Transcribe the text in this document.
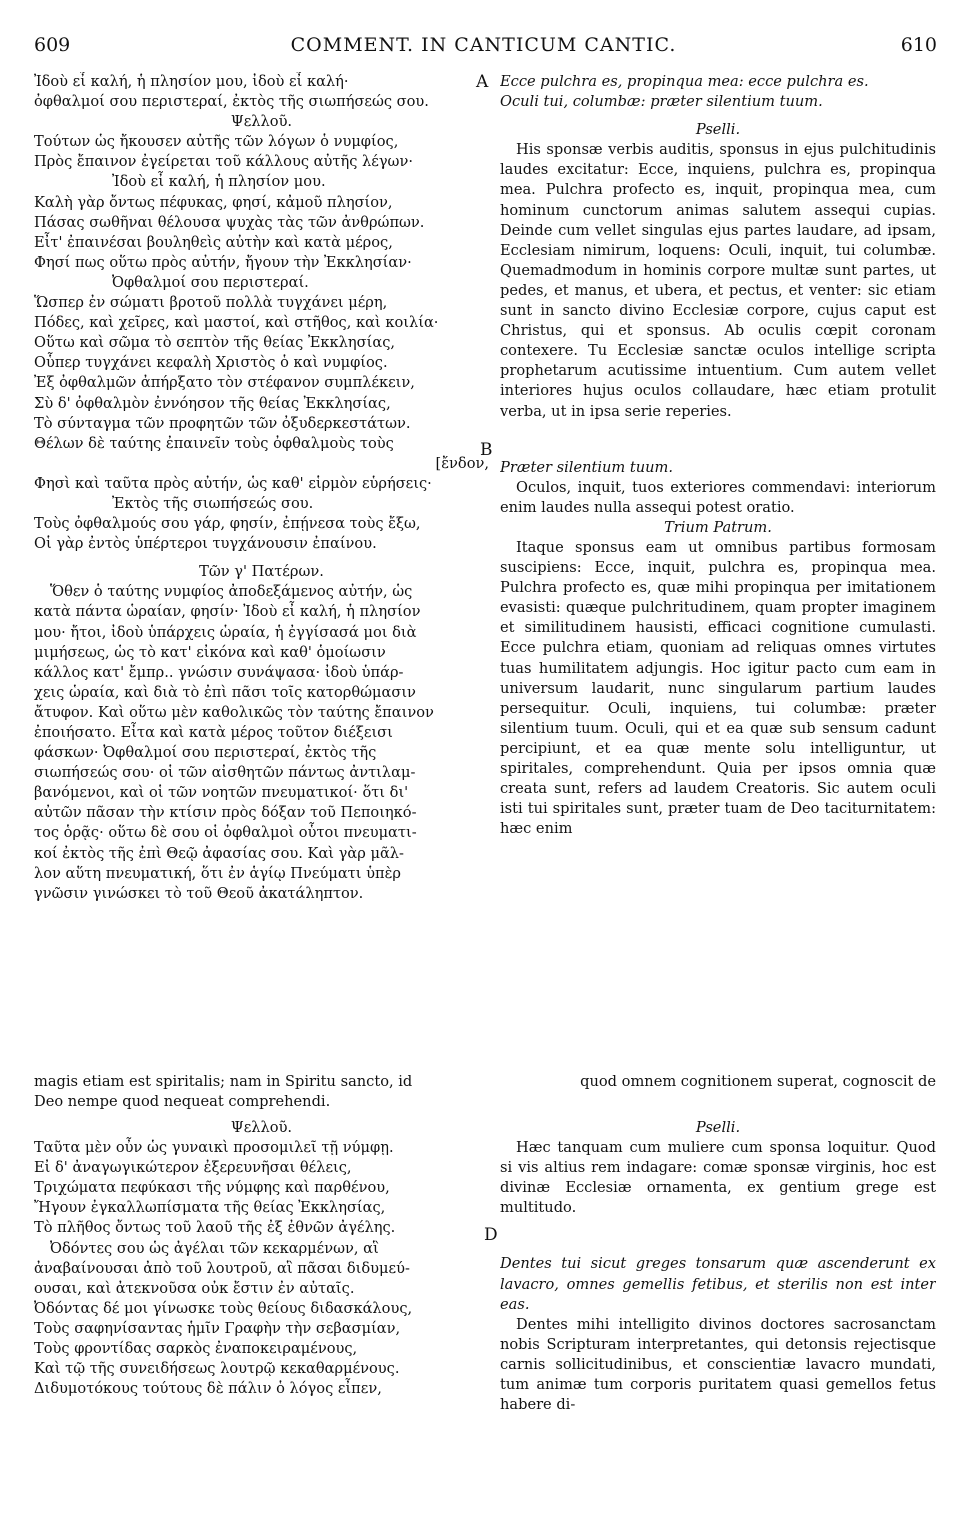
609	COMMENT. IN CANTICUM CANTIC.	610
A
B
D

Ἰδοὺ εἶ καλή, ἡ πλησίον μου, ἰδοὺ εἶ καλή·

ὀφθαλμοί σου περιστεραί, ἐκτὸς τῆς σιωπήσεώς σου.

Ψελλοῦ.

Τούτων ὡς ἤκουσεν αὐτῆς τῶν λόγων ὁ νυμφίος,

Πρὸς ἔπαινον ἐγείρεται τοῦ κάλλους αὐτῆς λέγων·

Ἰδοὺ εἶ καλή, ἡ πλησίον μου.

Καλὴ γὰρ ὄντως πέφυκας, φησί, κἀμοῦ πλησίον,

Πάσας σωθῆναι θέλουσα ψυχὰς τὰς τῶν ἀνθρώπων.

Εἶτ' ἐπαινέσαι βουληθεὶς αὐτὴν καὶ κατὰ μέρος,

Φησί πως οὕτω πρὸς αὐτήν, ἤγουν τὴν Ἐκκλησίαν·

Ὀφθαλμοί σου περιστεραί.

Ὥσπερ ἐν σώματι βροτοῦ πολλὰ τυγχάνει μέρη,

Πόδες, καὶ χεῖρες, καὶ μαστοί, καὶ στῆθος, καὶ κοιλία·

Οὕτω καὶ σῶμα τὸ σεπτὸν τῆς θείας Ἐκκλησίας,

Οὗπερ τυγχάνει κεφαλὴ Χριστὸς ὁ καὶ νυμφίος.

Ἐξ ὀφθαλμῶν ἀπήρξατο τὸν στέφανον συμπλέκειν,

Σὺ δ' ὀφθαλμὸν ἐννόησον τῆς θείας Ἐκκλησίας,

Τὸ σύνταγμα τῶν προφητῶν τῶν ὀξυδερκεστάτων.

Θέλων δὲ ταύτης ἐπαινεῖν τοὺς ὀφθαλμοὺς τοὺς

[ἔνδον,

Φησὶ καὶ ταῦτα πρὸς αὐτήν, ὡς καθ' εἱρμὸν εὑρήσεις·

Ἐκτὸς τῆς σιωπήσεώς σου.

Τοὺς ὀφθαλμούς σου γάρ, φησίν, ἐπῄνεσα τοὺς ἔξω,

Οἱ γὰρ ἐντὸς ὑπέρτεροι τυγχάνουσιν ἐπαίνου.

Τῶν γ' Πατέρων.

Ὅθεν ὁ ταύτης νυμφίος ἀποδεξάμενος αὐτήν, ὡς

κατὰ πάντα ὡραίαν, φησίν· Ἰδοὺ εἶ καλή, ἡ πλησίον

μου· ἤτοι, ἰδοὺ ὑπάρχεις ὡραία, ἡ ἐγγίσασά μοι διὰ

μιμήσεως, ὡς τὸ κατ' εἰκόνα καὶ καθ' ὁμοίωσιν

κάλλος κατ' ἔμπρ.. γνώσιν συνάψασα· ἰδοὺ ὑπάρ-

χεις ὡραία, καὶ διὰ τὸ ἐπὶ πᾶσι τοῖς κατορθώμασιν

ἄτυφον. Καὶ οὕτω μὲν καθολικῶς τὸν ταύτης ἔπαινον

ἐποιήσατο. Εἶτα καὶ κατὰ μέρος τοῦτον διέξεισι

φάσκων· Ὀφθαλμοί σου περιστεραί, ἐκτὸς τῆς

σιωπήσεώς σου· οἱ τῶν αἰσθητῶν πάντως ἀντιλαμ-

βανόμενοι, καὶ οἱ τῶν νοητῶν πνευματικοί· ὅτι δι'

αὐτῶν πᾶσαν τὴν κτίσιν πρὸς δόξαν τοῦ Πεποιηκό-

τος ὁρᾷς· οὕτω δὲ σου οἱ ὀφθαλμοὶ οὗτοι πνευματι-

κοί ἐκτὸς τῆς ἐπὶ Θεῷ ἀφασίας σου. Καὶ γὰρ μᾶλ-

λον αὕτη πνευματική, ὅτι ἐν ἁγίῳ Πνεύματι ὑπὲρ

γνῶσιν γινώσκει τὸ τοῦ Θεοῦ ἀκατάληπτον.

Ecce pulchra es, propinqua mea: ecce pulchra es.

Oculi tui, columbæ: præter silentium tuum.

Pselli.

His sponsæ verbis auditis, sponsus in ejus pulchitudinis laudes excitatur: Ecce, inquiens, pulchra es, propinqua mea. Pulchra profecto es, inquit, propinqua mea, cum hominum cunctorum animas salutem assequi cupias. Deinde cum vellet singulas ejus partes laudare, ad ipsam, Ecclesiam nimirum, loquens: Oculi, inquit, tui columbæ. Quemadmodum in hominis corpore multæ sunt partes, ut pedes, et manus, et ubera, et pectus, et venter: sic etiam sunt in sancto divino Ecclesiæ corpore, cujus caput est Christus, qui et sponsus. Ab oculis cœpit coronam contexere. Tu Ecclesiæ sanctæ oculos intellige scripta prophetarum acutissime intuentium. Cum autem vellet interiores hujus oculos collaudare, hæc etiam protulit verba, ut in ipsa serie reperies.

Præter silentium tuum.

Oculos, inquit, tuos exteriores commendavi: interiorum enim laudes nulla assequi potest oratio.

Trium Patrum.

Itaque sponsus eam ut omnibus partibus formosam suscipiens: Ecce, inquit, pulchra es, propinqua mea. Pulchra profecto es, quæ mihi propinqua per imitationem evasisti: quæque pulchritudinem, quam propter imaginem et similitudinem hausisti, efficaci cognitione cumulasti. Ecce pulchra etiam, quoniam ad reliquas omnes virtutes tuas humilitatem adjungis. Hoc igitur pacto cum eam in universum laudarit, nunc singularum partium laudes persequitur. Oculi, inquiens, tui columbæ: præter silentium tuum. Oculi, qui et ea quæ sub sensum cadunt percipiunt, et ea quæ mente solu intelliguntur, ut spiritales, comprehendunt. Quia per ipsos omnia quæ creata sunt, refers ad laudem Creatoris. Sic autem oculi isti tui spiritales sunt, præter tuam de Deo taciturnitatem: hæc enim

magis etiam est spiritalis; nam in Spiritu sancto, id	quod omnem cognitionem superat, cognoscit de

Deo nempe quod nequeat comprehendi.

Ψελλοῦ.

Ταῦτα μὲν οὖν ὡς γυναικὶ προσομιλεῖ τῇ νύμφῃ.

Εἰ δ' ἀναγωγικώτερον ἐξερευνῆσαι θέλεις,

Τριχώματα πεφύκασι τῆς νύμφης καὶ παρθένου,

Ἤγουν ἐγκαλλωπίσματα τῆς θείας Ἐκκλησίας,

Τὸ πλῆθος ὄντως τοῦ λαοῦ τῆς ἐξ ἐθνῶν ἀγέλης.

Ὀδόντες σου ὡς ἀγέλαι τῶν κεκαρμένων, αἳ

ἀναβαίνουσαι ἀπὸ τοῦ λουτροῦ, αἳ πᾶσαι διδυμεύ-

ουσαι, καὶ ἀτεκνοῦσα οὐκ ἔστιν ἐν αὐταῖς.

Ὀδόντας δέ μοι γίνωσκε τοὺς θείους διδασκάλους,

Τοὺς σαφηνίσαντας ἡμῖν Γραφὴν τὴν σεβασμίαν,

Τοὺς φροντίδας σαρκὸς ἐναποκειραμένους,

Καὶ τῷ τῆς συνειδήσεως λουτρῷ κεκαθαρμένους.

Διδυμοτόκους τούτους δὲ πάλιν ὁ λόγος εἶπεν,

Pselli.

Hæc tanquam cum muliere cum sponsa loquitur. Quod si vis altius rem indagare: comæ sponsæ virginis, hoc est divinæ Ecclesiæ ornamenta, ex gentium grege est multitudo.

Dentes tui sicut greges tonsarum quæ ascenderunt ex lavacro, omnes gemellis fetibus, et sterilis non est inter eas.

Dentes mihi intelligito divinos doctores sacrosanctam nobis Scripturam interpretantes, qui detonsis rejectisque carnis sollicitudinibus, et conscientiæ lavacro mundati, tum animæ tum corporis puritatem quasi gemellos fetus habere di-
